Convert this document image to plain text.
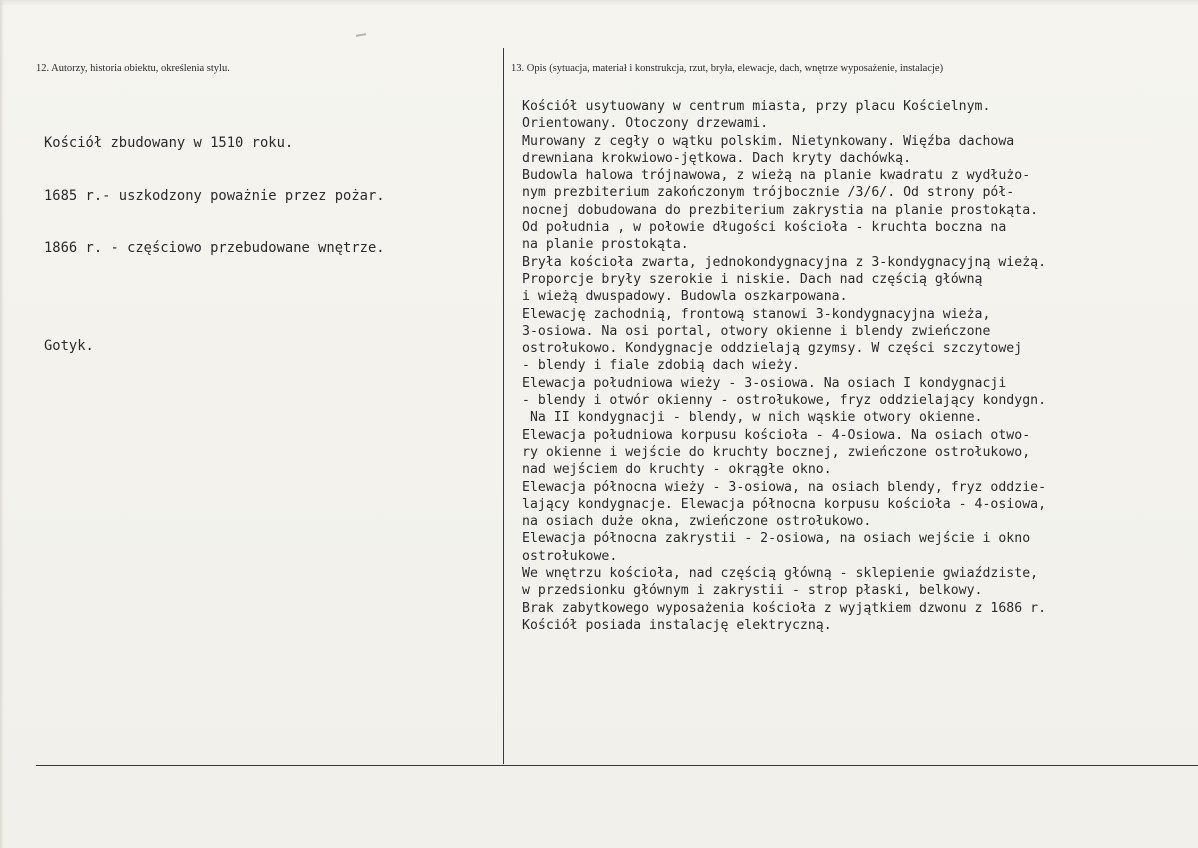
12. Autorzy, historia obiektu, określenia stylu.	13. Opis (sytuacja, materiał i konstrukcja, rzut, bryła, elewacje, dach, wnętrze wyposażenie, instalacje)

Kościół zbudowany w 1510 roku.

1685 r.- uszkodzony poważnie przez pożar.

1866 r. - częściowo przebudowane wnętrze.

Gotyk.

Kościół usytuowany w centrum miasta, przy placu Kościelnym.
Orientowany. Otoczony drzewami.
Murowany z cegły o wątku polskim. Nietynkowany. Więźba dachowa
drewniana krokwiowo-jętkowa. Dach kryty dachówką.
Budowla halowa trójnawowa, z wieżą na planie kwadratu z wydłużo-
nym prezbiterium zakończonym trójbocznie /3/6/. Od strony pół-
nocnej dobudowana do prezbiterium zakrystia na planie prostokąta.
Od południa , w połowie długości kościoła - kruchta boczna na
na planie prostokąta.
Bryła kościoła zwarta, jednokondygnacyjna z 3-kondygnacyjną wieżą.
Proporcje bryły szerokie i niskie. Dach nad częścią główną
i wieżą dwuspadowy. Budowla oszkarpowana.
Elewację zachodnią, frontową stanowi 3-kondygnacyjna wieża,
3-osiowa. Na osi portal, otwory okienne i blendy zwieńczone
ostrołukowo. Kondygnacje oddzielają gzymsy. W części szczytowej
- blendy i fiale zdobią dach wieży.
Elewacja południowa wieży - 3-osiowa. Na osiach I kondygnacji
- blendy i otwór okienny - ostrołukowe, fryz oddzielający kondygn.
Na II kondygnacji - blendy, w nich wąskie otwory okienne.
Elewacja południowa korpusu kościoła - 4-Osiowa. Na osiach otwo-
ry okienne i wejście do kruchty bocznej, zwieńczone ostrołukowo,
nad wejściem do kruchty - okrągłe okno.
Elewacja północna wieży - 3-osiowa, na osiach blendy, fryz oddzie-
lający kondygnacje. Elewacja północna korpusu kościoła - 4-osiowa,
na osiach duże okna, zwieńczone ostrołukowo.
Elewacja północna zakrystii - 2-osiowa, na osiach wejście i okno
ostrołukowe.
We wnętrzu kościoła, nad częścią główną - sklepienie gwiaździste,
w przedsionku głównym i zakrystii - strop płaski, belkowy.
Brak zabytkowego wyposażenia kościoła z wyjątkiem dzwonu z 1686 r.
Kościół posiada instalację elektryczną.
